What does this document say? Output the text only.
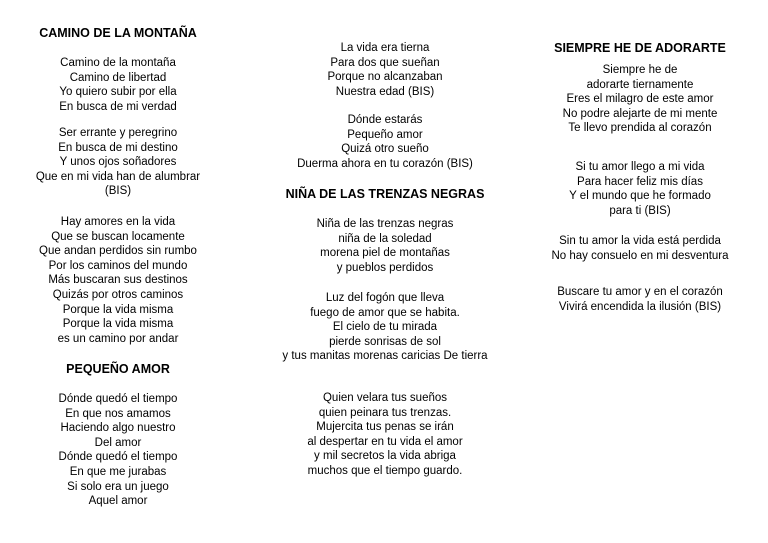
CAMINO DE LA MONTAÑA
Camino de la montaña
Camino de libertad
Yo quiero subir por ella
En busca de mi verdad
Ser errante y peregrino
En busca de mi destino
Y unos ojos soñadores
Que en mi vida han de alumbrar (BIS)
Hay amores en la vida
Que se buscan locamente
Que andan perdidos sin rumbo
Por los caminos del mundo
Más buscaran sus destinos
Quizás por otros caminos
Porque la vida misma
Porque la vida misma
es un camino por andar
PEQUEÑO AMOR
Dónde quedó el tiempo
En que nos amamos
Haciendo algo nuestro
Del amor
Dónde quedó el tiempo
En que me jurabas
Si solo era un juego
Aquel amor
La vida era tierna
Para dos que sueñan
Porque no alcanzaban
Nuestra edad (BIS)
Dónde estarás
Pequeño amor
Quizá otro sueño
Duerma ahora en tu corazón (BIS)
NIÑA DE LAS TRENZAS NEGRAS
Niña de las trenzas negras
niña de la soledad
morena piel de montañas
y pueblos perdidos
Luz del fogón que lleva
fuego de amor que se habita.
El cielo de tu mirada
pierde sonrisas de sol
y tus manitas morenas caricias De tierra
Quien velara tus sueños
quien peinara tus trenzas.
Mujercita tus penas se irán
al despertar en tu vida el amor
y mil secretos la vida abriga
muchos que el tiempo guardo.
SIEMPRE HE DE ADORARTE
Siempre he de adorarte tiernamente
Eres el milagro de este amor
No podre alejarte de mi mente
Te llevo prendida al corazón
Si tu amor llego a mi vida
Para hacer feliz mis días
Y el mundo que he formado para ti (BIS)
Sin tu amor la vida está perdida
No hay consuelo en mi desventura
Buscare tu amor y en el corazón
Vivirá encendida la ilusión (BIS)
